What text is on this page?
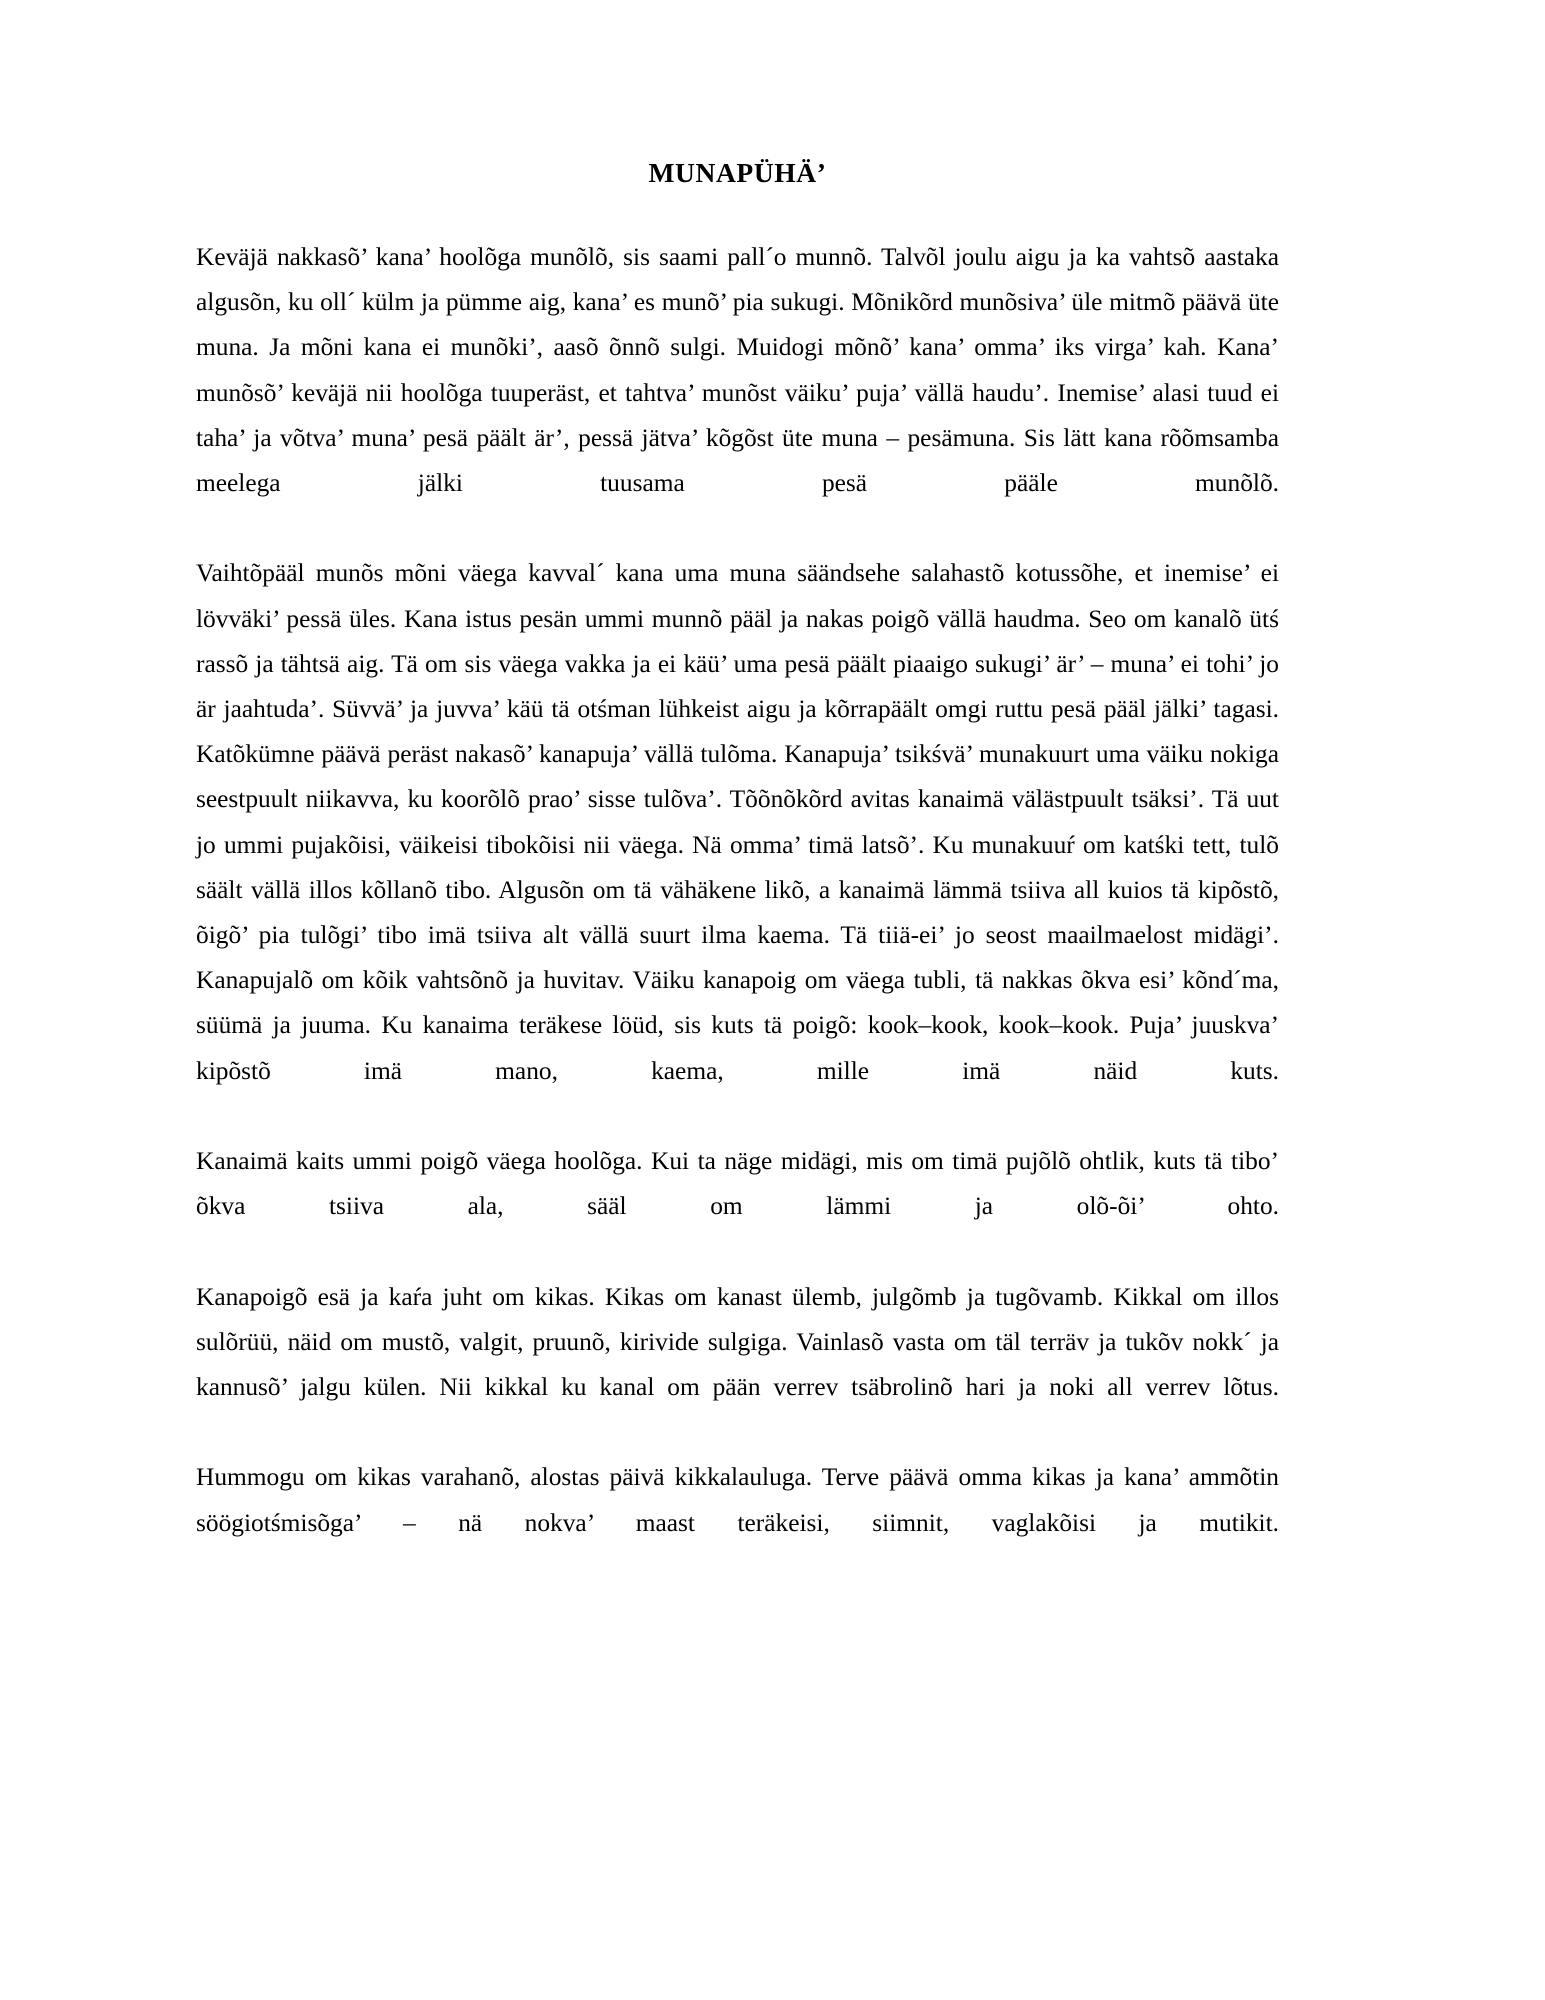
MUNAPÜHÄ’

Keväjä nakkasõ’ kana’ hoolõga munõlõ, sis saami pall´o munnõ. Talvõl joulu aigu ja ka vahtsõ aastaka algusõn, ku oll´ külm ja pümme aig, kana’ es munõ’ pia sukugi. Mõnikõrd munõsiva’ üle mitmõ päävä üte muna. Ja mõni kana ei munõki’, aasõ õnnõ sulgi. Muidogi mõnõ’ kana’ omma’ iks virga’ kah. Kana’ munõsõ’ keväjä nii hoolõga tuuperäst, et tahtva’ munõst väiku’ puja’ vällä haudu’. Inemise’ alasi tuud ei taha’ ja võtva’ muna’ pesä päält är’, pessä jätva’ kõgõst üte muna – pesämuna. Sis lätt kana rõõmsamba meelega jälki tuusama pesä pääle munõlõ.

Vaihtõpääl munõs mõni väega kavval´ kana uma muna säändsehe salahastõ kotussõhe, et inemise’ ei lövväki’ pessä üles. Kana istus pesän ummi munnõ pääl ja nakas poigõ vällä haudma. Seo om kanalõ ütś rassõ ja tähtsä aig. Tä om sis väega vakka ja ei käü’ uma pesä päält piaaigo sukugi’ är’ – muna’ ei tohi’ jo är jaahtuda’. Süvvä’ ja juvva’ käü tä otśman lühkeist aigu ja kõrrapäält omgi ruttu pesä pääl jälki’ tagasi. Katõkümne päävä peräst nakasõ’ kanapuja’ vällä tulõma. Kanapuja’ tsikśvä’ munakuurt uma väiku nokiga seestpuult niikavva, ku koorõlõ prao’ sisse tulõva’. Tõõnõkõrd avitas kanaimä välästpuult tsäksi’. Tä uut jo ummi pujakõisi, väikeisi tibokõisi nii väega. Nä omma’ timä latsõ’. Ku munakuuŕ om katśki tett, tulõ säält vällä illos kõllanõ tibo. Algusõn om tä vähäkene likõ, a kanaimä lämmä tsiiva all kuios tä kipõstõ, õigõ’ pia tulõgi’ tibo imä tsiiva alt vällä suurt ilma kaema. Tä tiiä-ei’ jo seost maailmaelost midägi’. Kanapujalõ om kõik vahtsõnõ ja huvitav. Väiku kanapoig om väega tubli, tä nakkas õkva esi’ kõnd´ma, süümä ja juuma. Ku kanaima teräkese löüd, sis kuts tä poigõ: kook–kook, kook–kook. Puja’ juuskva’ kipõstõ imä mano, kaema, mille imä näid kuts.

Kanaimä kaits ummi poigõ väega hoolõga. Kui ta näge midägi, mis om timä pujõlõ ohtlik, kuts tä tibo’ õkva tsiiva ala, sääl om lämmi ja olõ-õi’ ohto.

Kanapoigõ esä ja kaŕa juht om kikas. Kikas om kanast ülemb, julgõmb ja tugõvamb. Kikkal om illos sulõrüü, näid om mustõ, valgit, pruunõ, kirivide sulgiga. Vainlasõ vasta om täl terräv ja tukõv nokk´ ja kannusõ’ jalgu külen. Nii kikkal ku kanal om pään verrev tsäbrolinõ hari ja noki all verrev lõtus.

Hummogu om kikas varahanõ, alostas päivä kikkalauluga. Terve päävä omma kikas ja kana’ ammõtin söögiotśmisõga’ – nä nokva’ maast teräkeisi, siimnit, vaglakõisi ja mutikit.
